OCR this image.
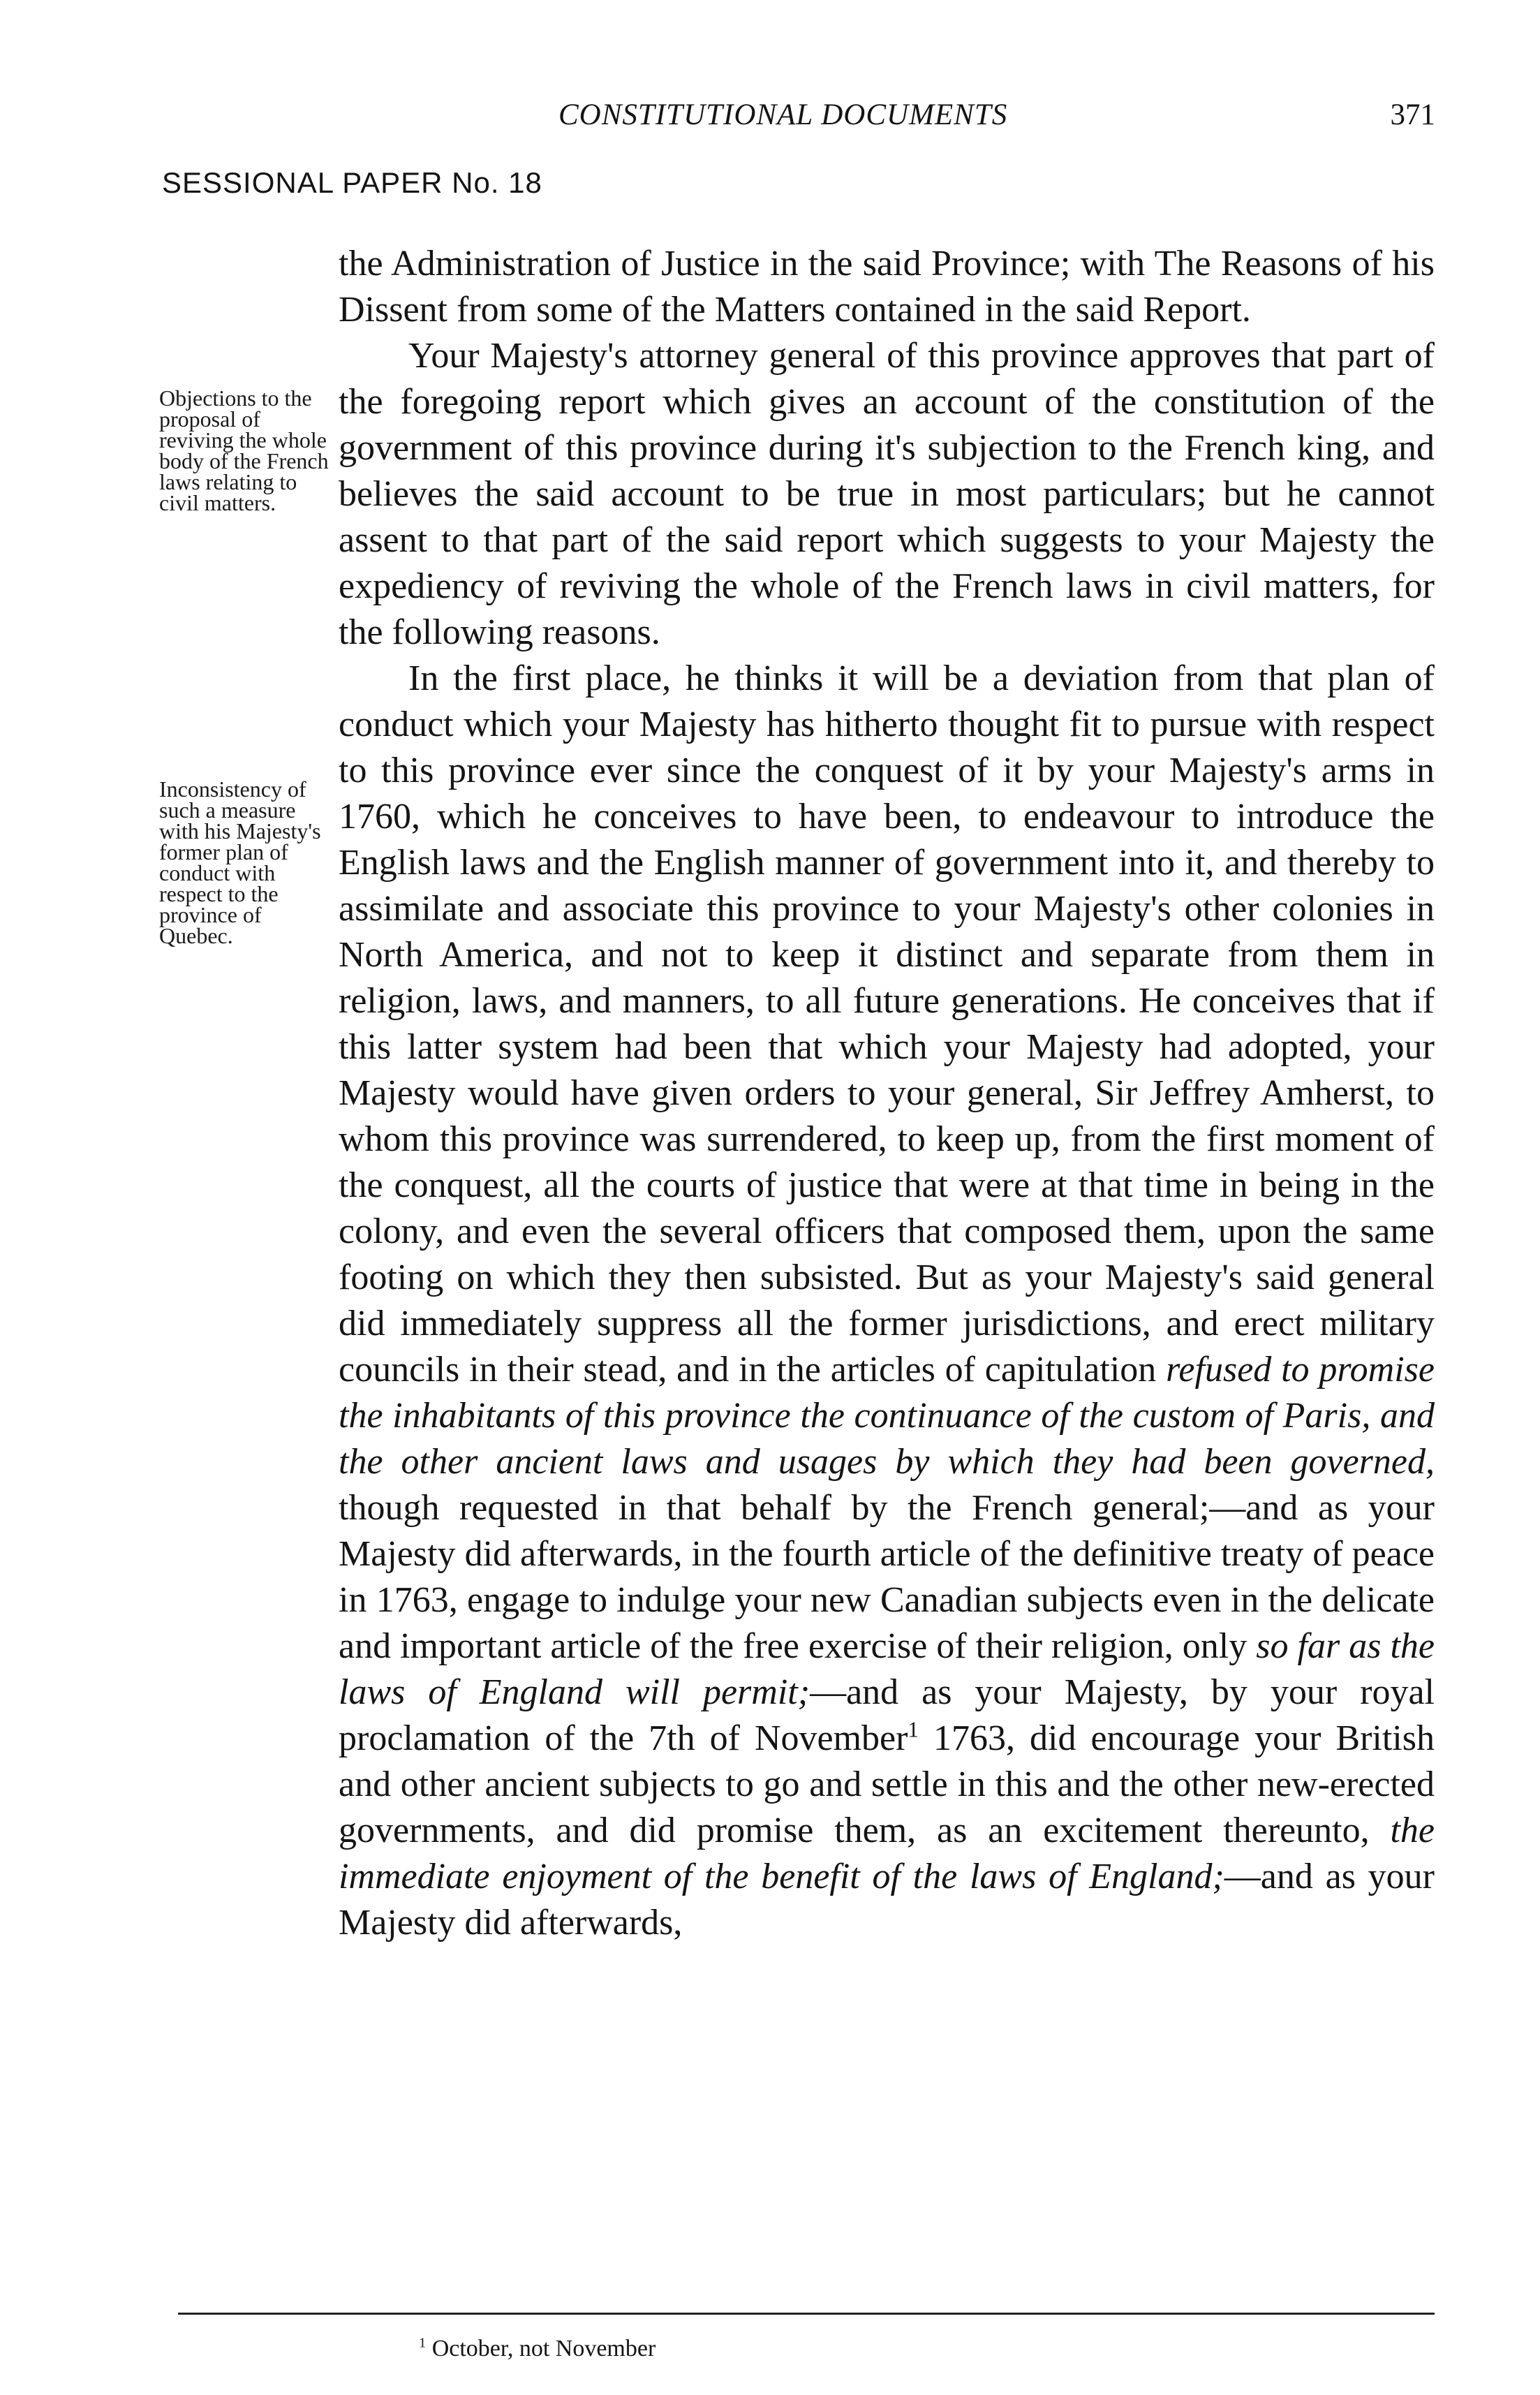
CONSTITUTIONAL DOCUMENTS	371
SESSIONAL PAPER No. 18
Objections to the proposal of reviving the whole body of the French laws relating to civil matters.
Inconsistency of such a measure with his Majesty's former plan of conduct with respect to the province of Quebec.

the Administration of Justice in the said Province; with The Reasons of his Dissent from some of the Matters contained in the said Report.

Your Majesty's attorney general of this province approves that part of the foregoing report which gives an account of the constitution of the government of this province during it's subjection to the French king, and believes the said account to be true in most particulars; but he cannot assent to that part of the said report which suggests to your Majesty the expediency of reviving the whole of the French laws in civil matters, for the following reasons.

In the first place, he thinks it will be a deviation from that plan of conduct which your Majesty has hitherto thought fit to pursue with respect to this province ever since the conquest of it by your Majesty's arms in 1760, which he conceives to have been, to endeavour to introduce the English laws and the English manner of government into it, and thereby to assimilate and associate this province to your Majesty's other colonies in North America, and not to keep it distinct and separate from them in religion, laws, and manners, to all future generations. He conceives that if this latter system had been that which your Majesty had adopted, your Majesty would have given orders to your general, Sir Jeffrey Amherst, to whom this province was surrendered, to keep up, from the first moment of the conquest, all the courts of justice that were at that time in being in the colony, and even the several officers that composed them, upon the same footing on which they then subsisted. But as your Majesty's said general did immediately suppress all the former jurisdictions, and erect military councils in their stead, and in the articles of capitulation refused to promise the inhabitants of this province the continuance of the custom of Paris, and the other ancient laws and usages by which they had been governed, though requested in that behalf by the French general;—and as your Majesty did afterwards, in the fourth article of the definitive treaty of peace in 1763, engage to indulge your new Canadian subjects even in the delicate and important article of the free exercise of their religion, only so far as the laws of England will permit;—and as your Majesty, by your royal proclamation of the 7th of November$^1$ 1763, did encourage your British and other ancient subjects to go and settle in this and the other new-erected governments, and did promise them, as an excitement thereunto, the immediate enjoyment of the benefit of the laws of England;—and as your Majesty did afterwards,

$^1$ October, not November
